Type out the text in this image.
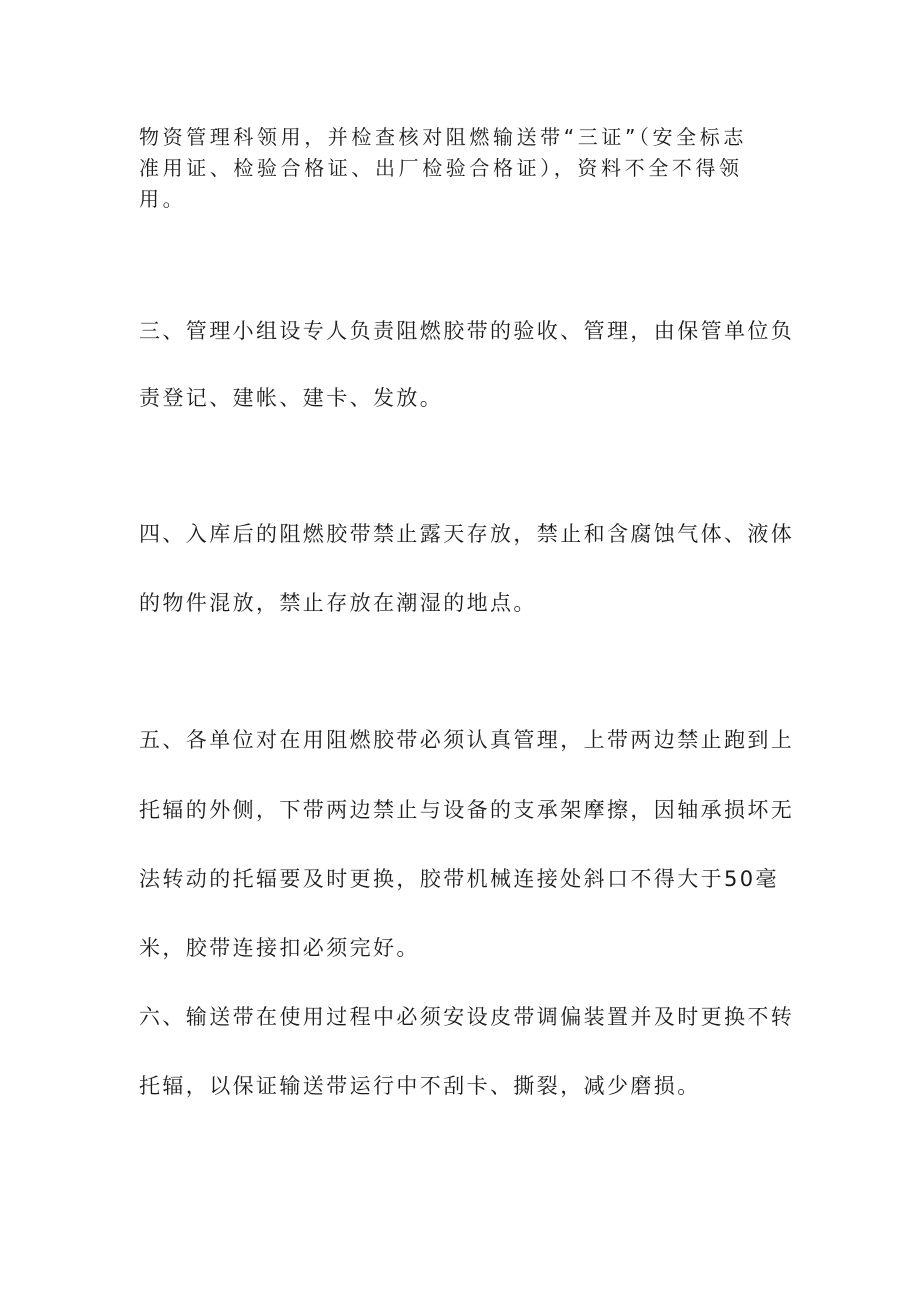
物资管理科领用，并检查核对阻燃输送带“三证”（安全标志
准用证、检验合格证、出厂检验合格证），资料不全不得领
用。
三、管理小组设专人负责阻燃胶带的验收、管理，由保管单位负
责登记、建帐、建卡、发放。
四、入库后的阻燃胶带禁止露天存放，禁止和含腐蚀气体、液体
的物件混放，禁止存放在潮湿的地点。
五、各单位对在用阻燃胶带必须认真管理，上带两边禁止跑到上
托辐的外侧，下带两边禁止与设备的支承架摩擦，因轴承损坏无
法转动的托辐要及时更换，胶带机械连接处斜口不得大于50毫
米，胶带连接扣必须完好。
六、输送带在使用过程中必须安设皮带调偏装置并及时更换不转
托辐，以保证输送带运行中不刮卡、撕裂，减少磨损。
